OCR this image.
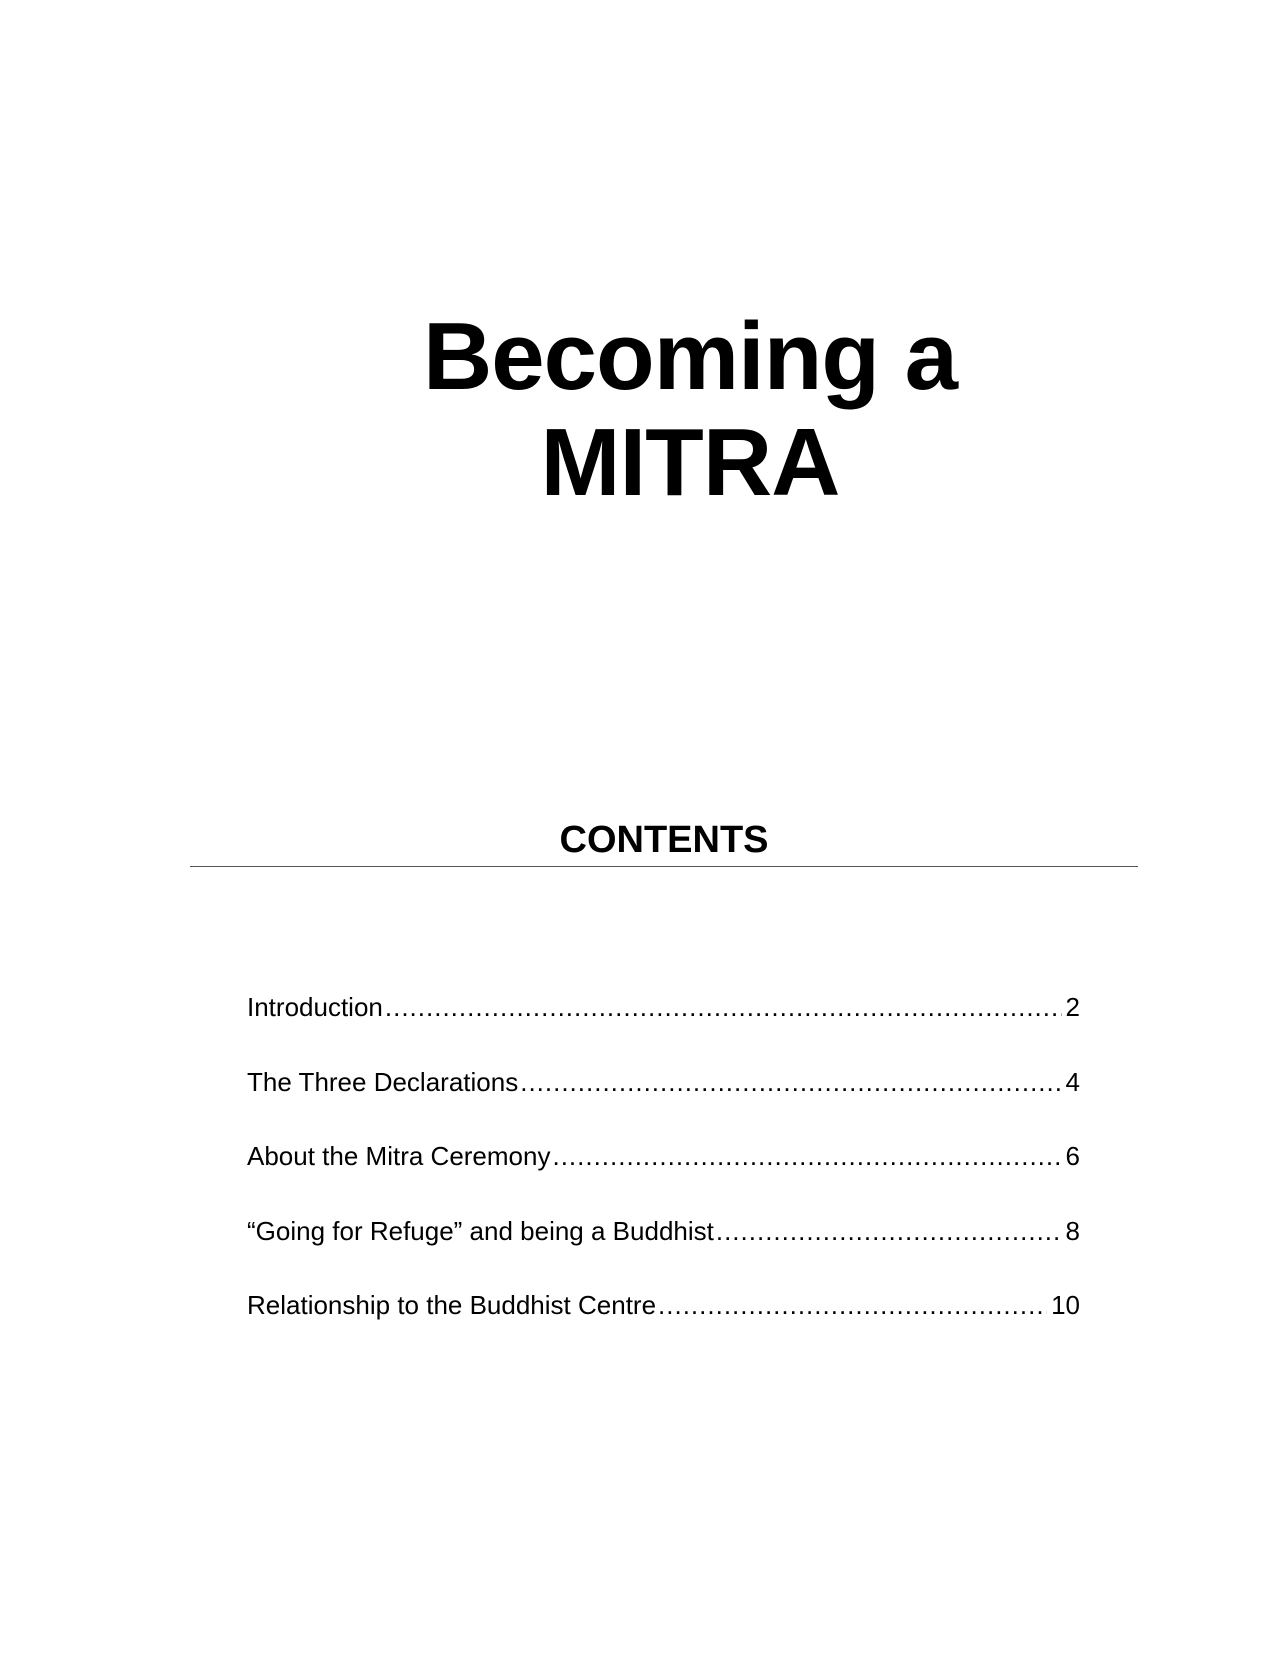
Becoming a
MITRA
CONTENTS
Introduction .....	2
The Three Declarations .....	4
About the Mitra Ceremony .....	6
“Going for Refuge” and being a Buddhist .....	8
Relationship to the Buddhist Centre .....	10
